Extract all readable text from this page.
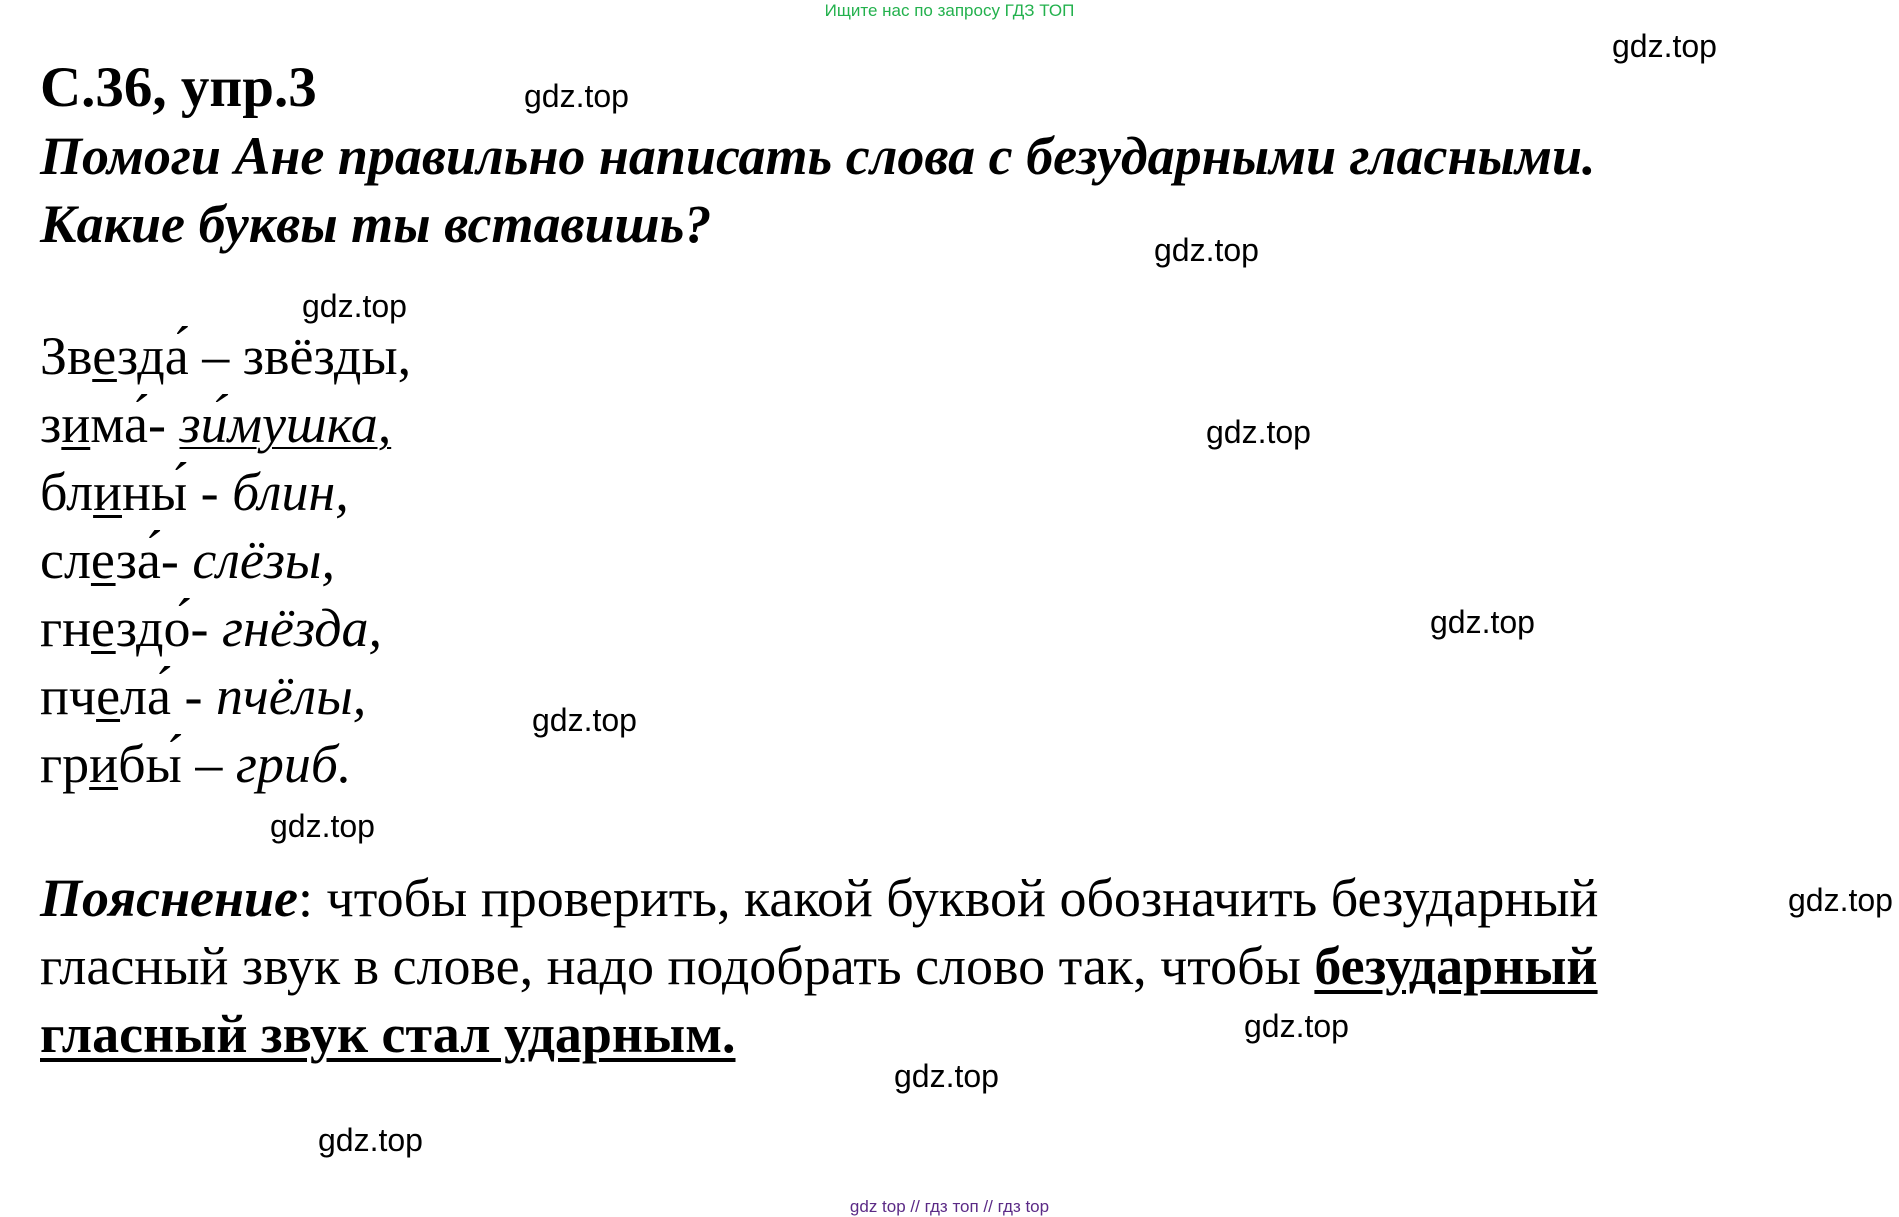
Ищите нас по запросу ГДЗ ТОП
С.36, упр.3
Помоги Ане правильно написать слова с безударными гласными.
Какие буквы ты вставишь?
Звезда́ – звёзды,
зима́- зи́мушка,
блины́ - блин,
слеза́- слёзы,
гнездо́- гнёзда,
пчела́ - пчёлы,
грибы́ – гриб.
Пояснение: чтобы проверить, какой буквой обозначить безударный гласный звук в слове, надо подобрать слово так, чтобы безударный гласный звук стал ударным.
gdz.top
gdz.top
gdz.top
gdz.top
gdz.top
gdz.top
gdz.top
gdz.top
gdz.top
gdz.top
gdz.top
gdz.top
gdz top // гдз топ // гдз top
